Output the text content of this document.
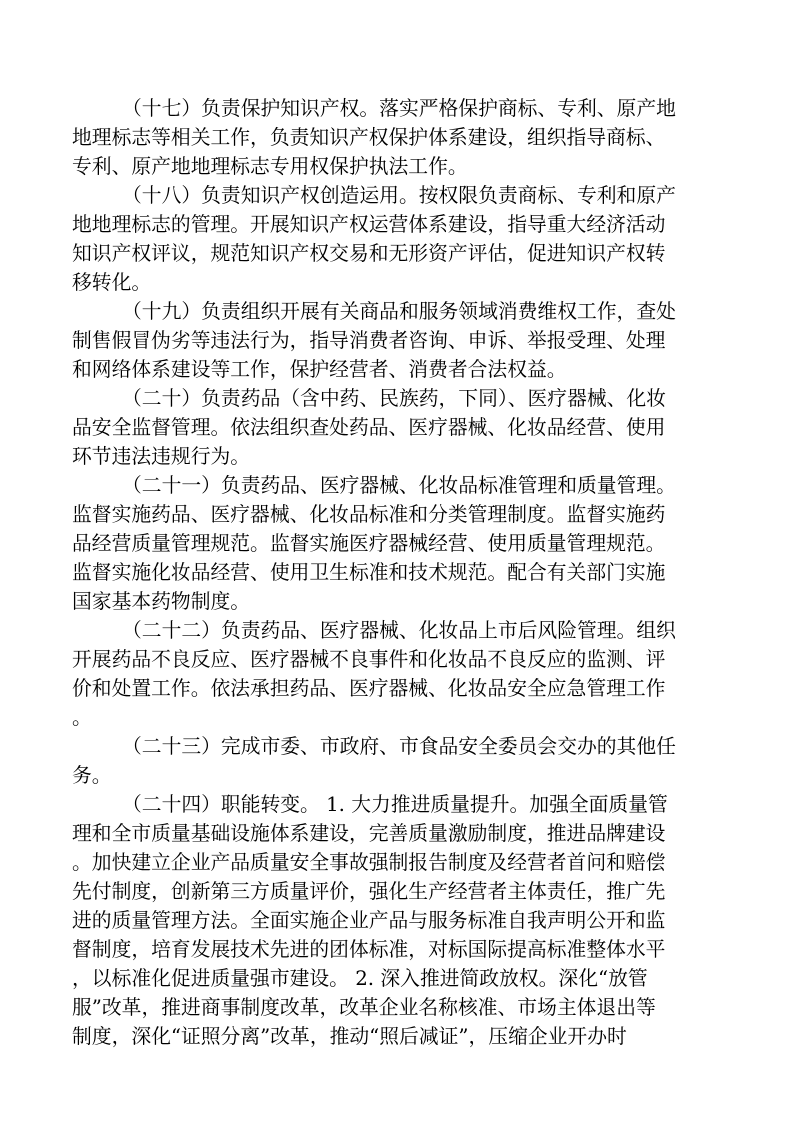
（十七）负责保护知识产权。落实严格保护商标、专利、原产地
地理标志等相关工作，负责知识产权保护体系建设，组织指导商标、
专利、原产地地理标志专用权保护执法工作。
（十八）负责知识产权创造运用。按权限负责商标、专利和原产
地地理标志的管理。开展知识产权运营体系建设，指导重大经济活动
知识产权评议，规范知识产权交易和无形资产评估，促进知识产权转
移转化。
（十九）负责组织开展有关商品和服务领域消费维权工作，查处
制售假冒伪劣等违法行为，指导消费者咨询、申诉、举报受理、处理
和网络体系建设等工作，保护经营者、消费者合法权益。
（二十）负责药品（含中药、民族药，下同）、医疗器械、化妆
品安全监督管理。依法组织查处药品、医疗器械、化妆品经营、使用
环节违法违规行为。
（二十一）负责药品、医疗器械、化妆品标准管理和质量管理。
监督实施药品、医疗器械、化妆品标准和分类管理制度。监督实施药
品经营质量管理规范。监督实施医疗器械经营、使用质量管理规范。
监督实施化妆品经营、使用卫生标准和技术规范。配合有关部门实施
国家基本药物制度。
（二十二）负责药品、医疗器械、化妆品上市后风险管理。组织
开展药品不良反应、医疗器械不良事件和化妆品不良反应的监测、评
价和处置工作。依法承担药品、医疗器械、化妆品安全应急管理工作
。
（二十三）完成市委、市政府、市食品安全委员会交办的其他任
务。
（二十四）职能转变。 1. 大力推进质量提升。加强全面质量管
理和全市质量基础设施体系建设，完善质量激励制度，推进品牌建设
。加快建立企业产品质量安全事故强制报告制度及经营者首问和赔偿
先付制度，创新第三方质量评价，强化生产经营者主体责任，推广先
进的质量管理方法。全面实施企业产品与服务标准自我声明公开和监
督制度，培育发展技术先进的团体标准，对标国际提高标准整体水平
，以标准化促进质量强市建设。 2. 深入推进简政放权。深化“放管
服”改革，推进商事制度改革，改革企业名称核准、市场主体退出等
制度，深化“证照分离”改革，推动“照后减证”，压缩企业开办时
